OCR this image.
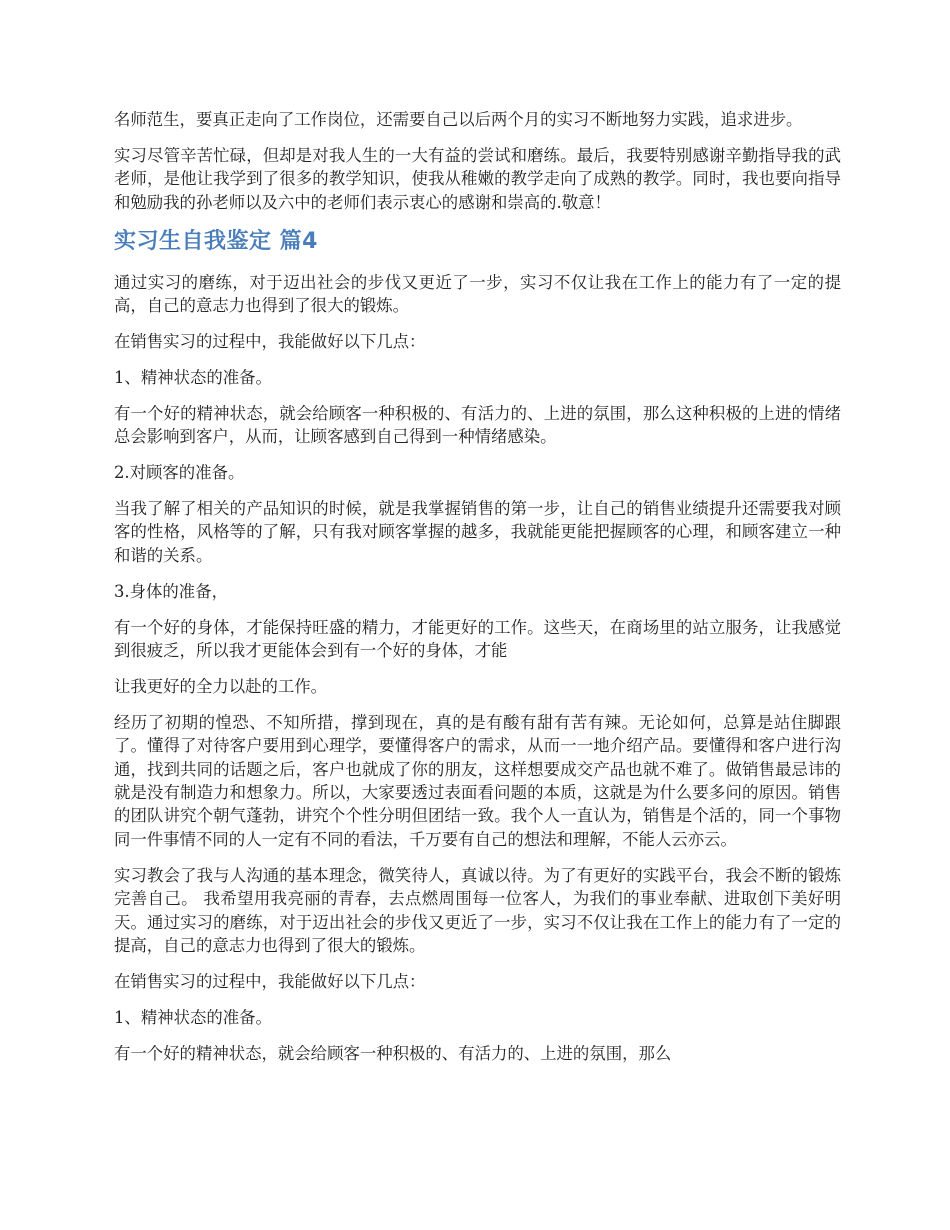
名师范生，要真正走向了工作岗位，还需要自己以后两个月的实习不断地努力实践，追求进步。

实习尽管辛苦忙碌，但却是对我人生的一大有益的尝试和磨练。最后，我要特别感谢辛勤指导我的武老师，是他让我学到了很多的教学知识，使我从稚嫩的教学走向了成熟的教学。同时，我也要向指导和勉励我的孙老师以及六中的老师们表示衷心的感谢和崇高的.敬意！

实习生自我鉴定 篇4

通过实习的磨练，对于迈出社会的步伐又更近了一步，实习不仅让我在工作上的能力有了一定的提高，自己的意志力也得到了很大的锻炼。

在销售实习的过程中，我能做好以下几点：

1、精神状态的准备。

有一个好的精神状态，就会给顾客一种积极的、有活力的、上进的氛围，那么这种积极的上进的情绪总会影响到客户，从而，让顾客感到自己得到一种情绪感染。

2.对顾客的准备。

当我了解了相关的产品知识的时候，就是我掌握销售的第一步，让自己的销售业绩提升还需要我对顾客的性格，风格等的了解，只有我对顾客掌握的越多，我就能更能把握顾客的心理，和顾客建立一种和谐的关系。

3.身体的准备，

有一个好的身体，才能保持旺盛的精力，才能更好的工作。这些天，在商场里的站立服务，让我感觉到很疲乏，所以我才更能体会到有一个好的身体，才能

让我更好的全力以赴的工作。

经历了初期的惶恐、不知所措，撑到现在，真的是有酸有甜有苦有辣。无论如何，总算是站住脚跟了。懂得了对待客户要用到心理学，要懂得客户的需求，从而一一地介绍产品。要懂得和客户进行沟通，找到共同的话题之后，客户也就成了你的朋友，这样想要成交产品也就不难了。做销售最忌讳的就是没有制造力和想象力。所以，大家要透过表面看问题的本质，这就是为什么要多问的原因。销售的团队讲究个朝气蓬勃，讲究个个性分明但团结一致。我个人一直认为，销售是个活的，同一个事物同一件事情不同的人一定有不同的看法，千万要有自己的想法和理解，不能人云亦云。

实习教会了我与人沟通的基本理念，微笑待人，真诚以待。为了有更好的实践平台，我会不断的锻炼完善自己。 我希望用我亮丽的青春，去点燃周围每一位客人，为我们的事业奉献、进取创下美好明天。通过实习的磨练，对于迈出社会的步伐又更近了一步，实习不仅让我在工作上的能力有了一定的提高，自己的意志力也得到了很大的锻炼。

在销售实习的过程中，我能做好以下几点：

1、精神状态的准备。

有一个好的精神状态，就会给顾客一种积极的、有活力的、上进的氛围，那么
